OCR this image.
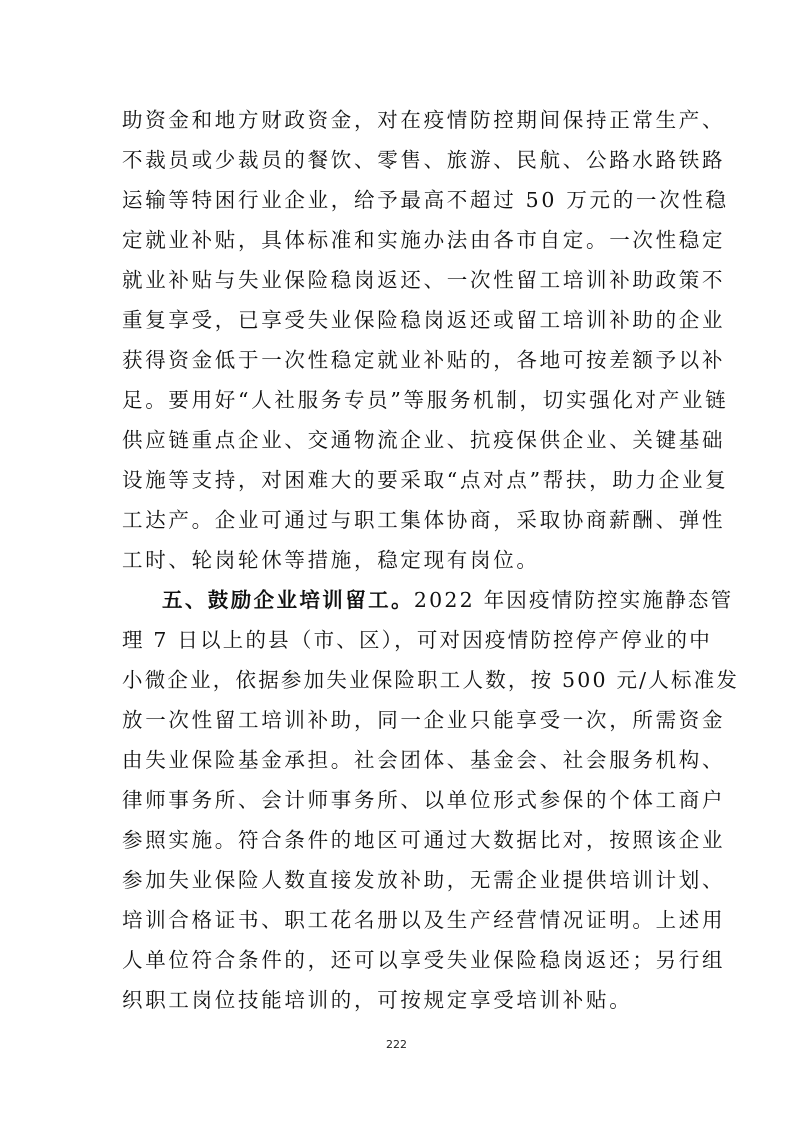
助资金和地方财政资金，对在疫情防控期间保持正常生产、
不裁员或少裁员的餐饮、零售、旅游、民航、公路水路铁路
运输等特困行业企业，给予最高不超过 50 万元的一次性稳
定就业补贴，具体标准和实施办法由各市自定。一次性稳定
就业补贴与失业保险稳岗返还、一次性留工培训补助政策不
重复享受，已享受失业保险稳岗返还或留工培训补助的企业
获得资金低于一次性稳定就业补贴的，各地可按差额予以补
足。要用好“人社服务专员”等服务机制，切实强化对产业链
供应链重点企业、交通物流企业、抗疫保供企业、关键基础
设施等支持，对困难大的要采取“点对点”帮扶，助力企业复
工达产。企业可通过与职工集体协商，采取协商薪酬、弹性
工时、轮岗轮休等措施，稳定现有岗位。
五、鼓励企业培训留工。2022 年因疫情防控实施静态管
理 7 日以上的县（市、区），可对因疫情防控停产停业的中
小微企业，依据参加失业保险职工人数，按 500 元/人标准发
放一次性留工培训补助，同一企业只能享受一次，所需资金
由失业保险基金承担。社会团体、基金会、社会服务机构、
律师事务所、会计师事务所、以单位形式参保的个体工商户
参照实施。符合条件的地区可通过大数据比对，按照该企业
参加失业保险人数直接发放补助，无需企业提供培训计划、
培训合格证书、职工花名册以及生产经营情况证明。上述用
人单位符合条件的，还可以享受失业保险稳岗返还；另行组
织职工岗位技能培训的，可按规定享受培训补贴。
222
